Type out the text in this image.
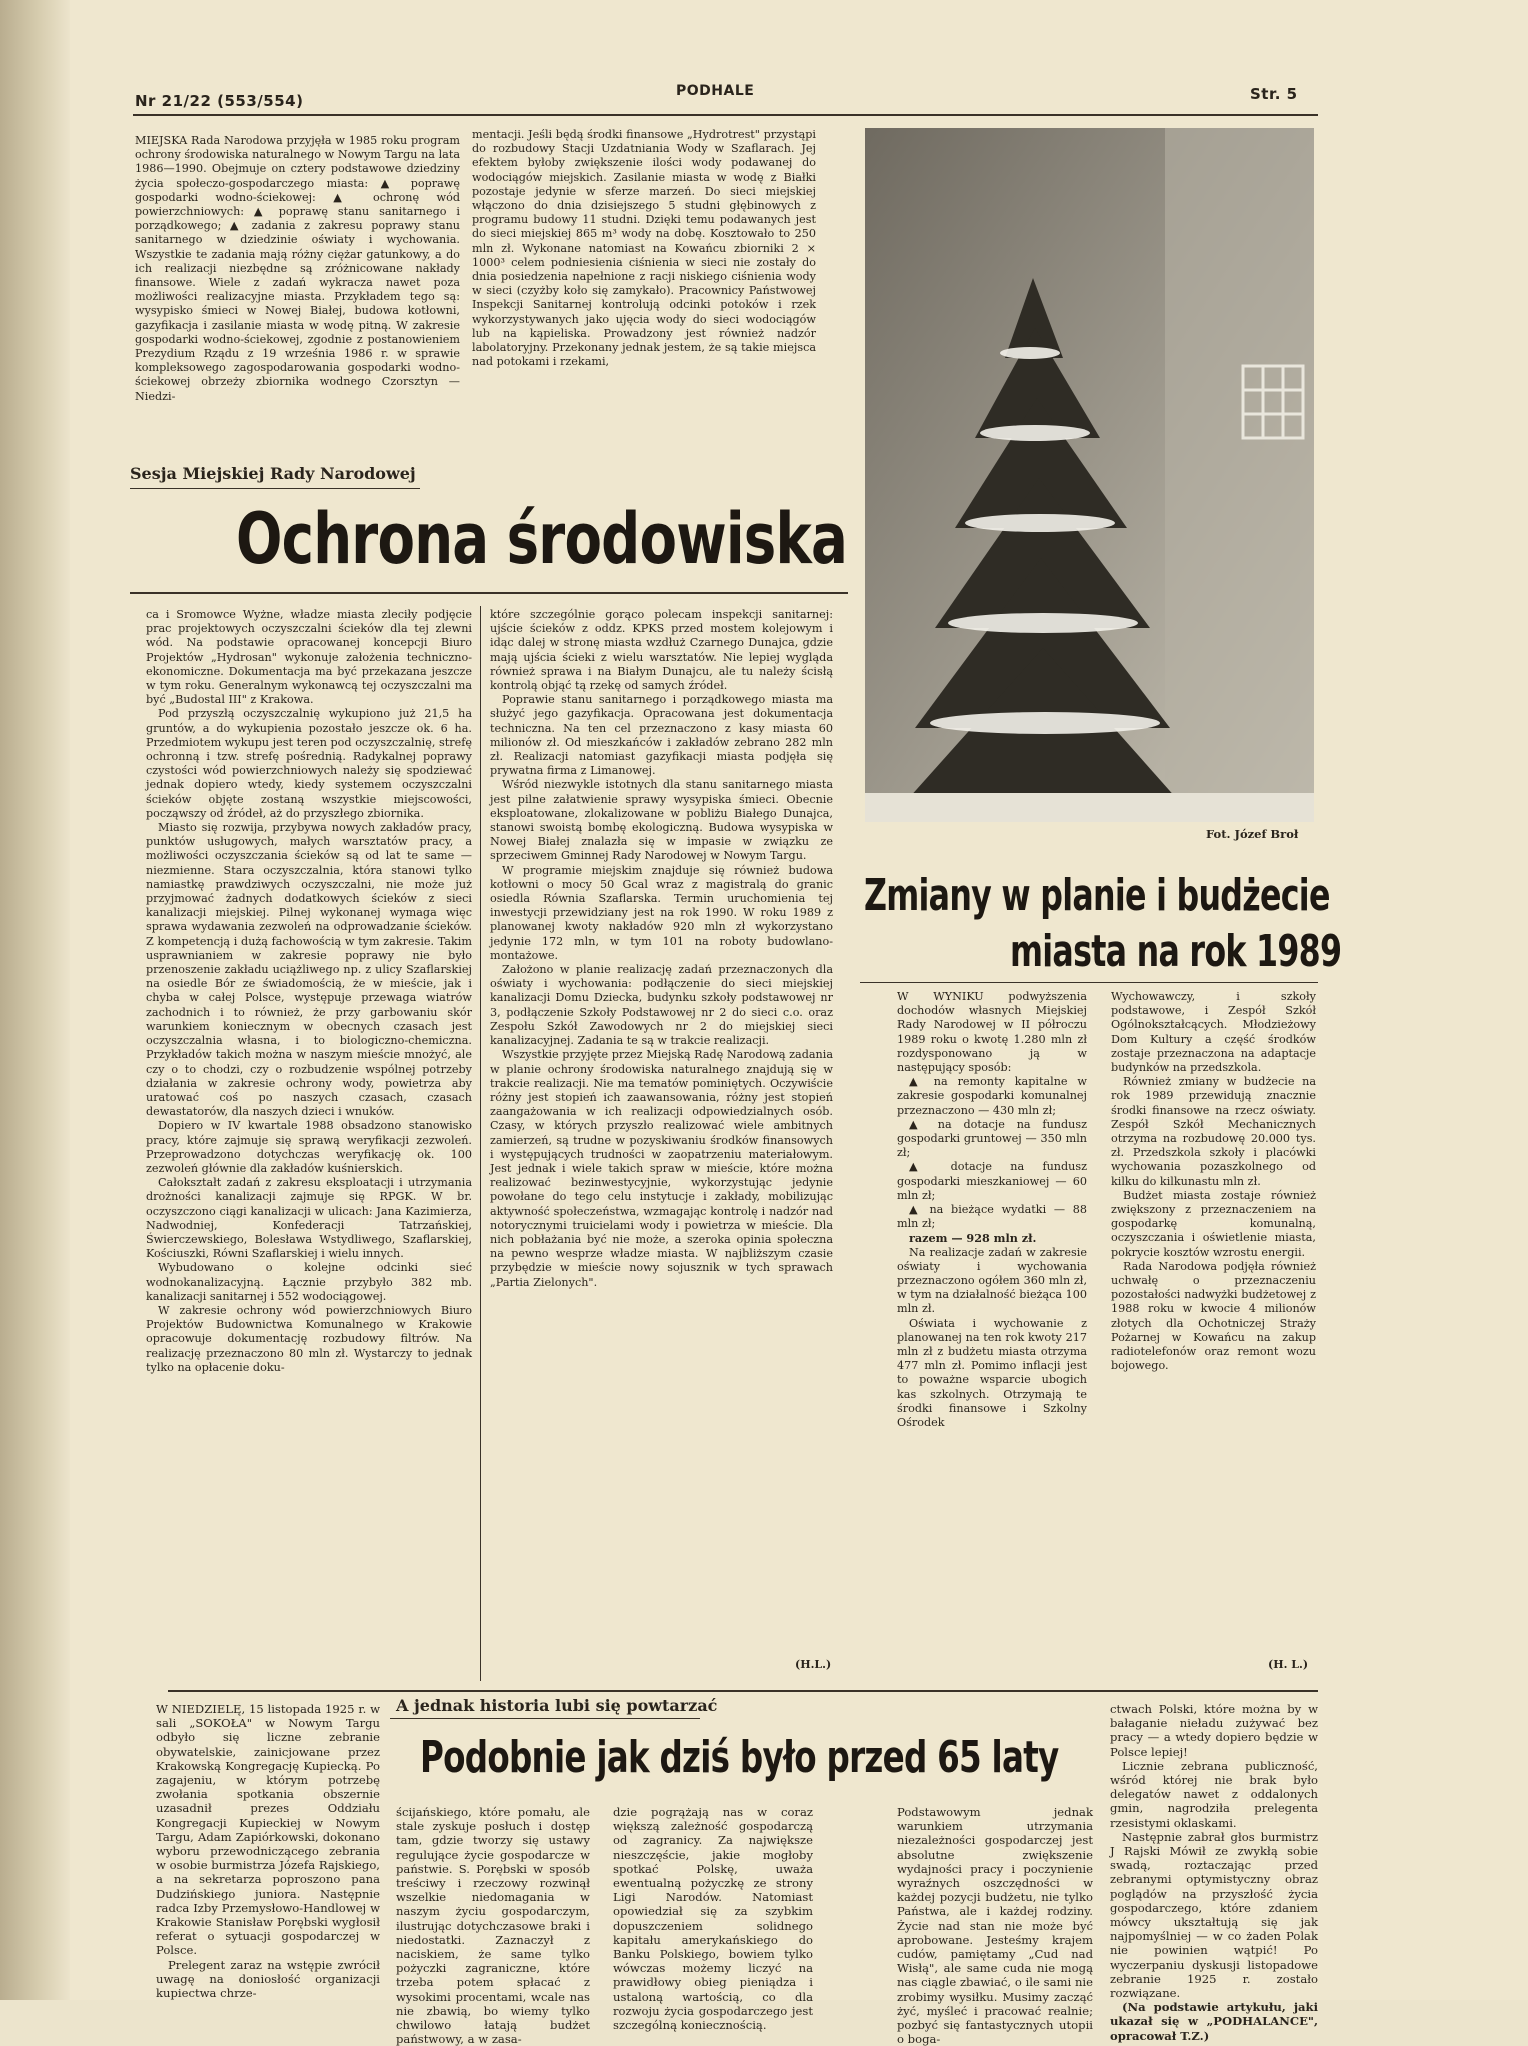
Nr 21/22 (553/554)
PODHALE	Str. 5

MIEJSKA Rada Narodowa przyjęła w 1985 roku program ochrony środowiska naturalnego w Nowym Targu na lata 1986—1990. Obejmuje on cztery podstawowe dziedziny życia społeczo-gospodarczego miasta: ▲ poprawę gospodarki wodno-ściekowej: ▲ ochronę wód powierzchniowych: ▲ poprawę stanu sanitarnego i porządkowego; ▲ zadania z zakresu poprawy stanu sanitarnego w dziedzinie oświaty i wychowania. Wszystkie te zadania mają różny ciężar gatunkowy, a do ich realizacji niezbędne są zróżnicowane nakłady finansowe. Wiele z zadań wykracza nawet poza możliwości realizacyjne miasta. Przykładem tego są: wysypisko śmieci w Nowej Białej, budowa kotłowni, gazyfikacja i zasilanie miasta w wodę pitną. W zakresie gospodarki wodno-ściekowej, zgodnie z postanowieniem Prezydium Rządu z 19 września 1986 r. w sprawie kompleksowego zagospodarowania gospodarki wodno-ściekowej obrzeży zbiornika wodnego Czorsztyn — Niedzi-

mentacji. Jeśli będą środki finansowe „Hydrotrest" przystąpi do rozbudowy Stacji Uzdatniania Wody w Szaflarach. Jej efektem byłoby zwiększenie ilości wody podawanej do wodociągów miejskich. Zasilanie miasta w wodę z Białki pozostaje jedynie w sferze marzeń. Do sieci miejskiej włączono do dnia dzisiejszego 5 studni głębinowych z programu budowy 11 studni. Dzięki temu podawanych jest do sieci miejskiej 865 m³ wody na dobę. Kosztowało to 250 mln zł. Wykonane natomiast na Kowańcu zbiorniki 2 × 1000³ celem podniesienia ciśnienia w sieci nie zostały do dnia posiedzenia napełnione z racji niskiego ciśnienia wody w sieci (czyżby koło się zamykało). Pracownicy Państwowej Inspekcji Sanitarnej kontrolują odcinki potoków i rzek wykorzystywanych jako ujęcia wody do sieci wodociągów lub na kąpieliska. Prowadzony jest również nadzór labolatoryjny. Przekonany jednak jestem, że są takie miejsca nad potokami i rzekami,

Sesja Miejskiej Rady Narodowej
Ochrona środowiska

ca i Sromowce Wyżne, władze miasta zleciły podjęcie prac projektowych oczyszczalni ścieków dla tej zlewni wód. Na podstawie opracowanej koncepcji Biuro Projektów „Hydrosan" wykonuje założenia techniczno-ekonomiczne. Dokumentacja ma być przekazana jeszcze w tym roku. Generalnym wykonawcą tej oczyszczalni ma być „Budostal III" z Krakowa.

Pod przyszłą oczyszczalnię wykupiono już 21,5 ha gruntów, a do wykupienia pozostało jeszcze ok. 6 ha. Przedmiotem wykupu jest teren pod oczyszczalnię, strefę ochronną i tzw. strefę pośrednią. Radykalnej poprawy czystości wód powierzchniowych należy się spodziewać jednak dopiero wtedy, kiedy systemem oczyszczalni ścieków objęte zostaną wszystkie miejscowości, począwszy od źródeł, aż do przyszłego zbiornika.

Miasto się rozwija, przybywa nowych zakładów pracy, punktów usługowych, małych warsztatów pracy, a możliwości oczyszczania ścieków są od lat te same — niezmienne. Stara oczyszczalnia, która stanowi tylko namiastkę prawdziwych oczyszczalni, nie może już przyjmować żadnych dodatkowych ścieków z sieci kanalizacji miejskiej. Pilnej wykonanej wymaga więc sprawa wydawania zezwoleń na odprowadzanie ścieków. Z kompetencją i dużą fachowością w tym zakresie. Takim usprawnianiem w zakresie poprawy nie było przenoszenie zakładu uciążliwego np. z ulicy Szaflarskiej na osiedle Bór ze świadomością, że w mieście, jak i chyba w całej Polsce, występuje przewaga wiatrów zachodnich i to również, że przy garbowaniu skór warunkiem koniecznym w obecnych czasach jest oczyszczalnia własna, i to biologiczno-chemiczna. Przykładów takich można w naszym mieście mnożyć, ale czy o to chodzi, czy o rozbudzenie wspólnej potrzeby działania w zakresie ochrony wody, powietrza aby uratować coś po naszych czasach, czasach dewastatorów, dla naszych dzieci i wnuków.

Dopiero w IV kwartale 1988 obsadzono stanowisko pracy, które zajmuje się sprawą weryfikacji zezwoleń. Przeprowadzono dotychczas weryfikację ok. 100 zezwoleń głównie dla zakładów kuśnierskich.

Całokształt zadań z zakresu eksploatacji i utrzymania drożności kanalizacji zajmuje się RPGK. W br. oczyszczono ciągi kanalizacji w ulicach: Jana Kazimierza, Nadwodniej, Konfederacji Tatrzańskiej, Świerczewskiego, Bolesława Wstydliwego, Szaflarskiej, Kościuszki, Równi Szaflarskiej i wielu innych.

Wybudowano o kolejne odcinki sieć wodnokanalizacyjną. Łącznie przybyło 382 mb. kanalizacji sanitarnej i 552 wodociągowej.

W zakresie ochrony wód powierzchniowych Biuro Projektów Budownictwa Komunalnego w Krakowie opracowuje dokumentację rozbudowy filtrów. Na realizację przeznaczono 80 mln zł. Wystarczy to jednak tylko na opłacenie doku-

które szczególnie gorąco polecam inspekcji sanitarnej: ujście ścieków z oddz. KPKS przed mostem kolejowym i idąc dalej w stronę miasta wzdłuż Czarnego Dunajca, gdzie mają ujścia ścieki z wielu warsztatów. Nie lepiej wygląda również sprawa i na Białym Dunajcu, ale tu należy ścisłą kontrolą objąć tą rzekę od samych źródeł.

Poprawie stanu sanitarnego i porządkowego miasta ma służyć jego gazyfikacja. Opracowana jest dokumentacja techniczna. Na ten cel przeznaczono z kasy miasta 60 milionów zł. Od mieszkańców i zakładów zebrano 282 mln zł. Realizacji natomiast gazyfikacji miasta podjęła się prywatna firma z Limanowej.

Wśród niezwykle istotnych dla stanu sanitarnego miasta jest pilne załatwienie sprawy wysypiska śmieci. Obecnie eksploatowane, zlokalizowane w pobliżu Białego Dunajca, stanowi swoistą bombę ekologiczną. Budowa wysypiska w Nowej Białej znalazła się w impasie w związku ze sprzeciwem Gminnej Rady Narodowej w Nowym Targu.

W programie miejskim znajduje się również budowa kotłowni o mocy 50 Gcal wraz z magistralą do granic osiedla Równia Szaflarska. Termin uruchomienia tej inwestycji przewidziany jest na rok 1990. W roku 1989 z planowanej kwoty nakładów 920 mln zł wykorzystano jedynie 172 mln, w tym 101 na roboty budowlano-montażowe.

Założono w planie realizację zadań przeznaczonych dla oświaty i wychowania: podłączenie do sieci miejskiej kanalizacji Domu Dziecka, budynku szkoły podstawowej nr 3, podłączenie Szkoły Podstawowej nr 2 do sieci c.o. oraz Zespołu Szkół Zawodowych nr 2 do miejskiej sieci kanalizacyjnej. Zadania te są w trakcie realizacji.

Wszystkie przyjęte przez Miejską Radę Narodową zadania w planie ochrony środowiska naturalnego znajdują się w trakcie realizacji. Nie ma tematów pominiętych. Oczywiście różny jest stopień ich zaawansowania, różny jest stopień zaangażowania w ich realizacji odpowiedzialnych osób. Czasy, w których przyszło realizować wiele ambitnych zamierzeń, są trudne w pozyskiwaniu środków finansowych i występujących trudności w zaopatrzeniu materiałowym. Jest jednak i wiele takich spraw w mieście, które można realizować bezinwestycyjnie, wykorzystując jedynie powołane do tego celu instytucje i zakłady, mobilizując aktywność społeczeństwa, wzmagając kontrolę i nadzór nad notorycznymi truicielami wody i powietrza w mieście. Dla nich pobłażania być nie może, a szeroka opinia społeczna na pewno wesprze władze miasta. W najbliższym czasie przybędzie w mieście nowy sojusznik w tych sprawach „Partia Zielonych".

(H.L.)
Fot. Józef Broł
Zmiany w planie i budżecie
miasta na rok 1989

W WYNIKU podwyższenia dochodów własnych Miejskiej Rady Narodowej w II półroczu 1989 roku o kwotę 1.280 mln zł rozdysponowano ją w następujący sposób:

▲ na remonty kapitalne w zakresie gospodarki komunalnej przeznaczono — 430 mln zł;

▲ na dotacje na fundusz gospodarki gruntowej — 350 mln zł;

▲ dotacje na fundusz gospodarki mieszkaniowej — 60 mln zł;

▲ na bieżące wydatki — 88 mln zł;

razem — 928 mln zł.

Na realizacje zadań w zakresie oświaty i wychowania przeznaczono ogółem 360 mln zł, w tym na działalność bieżąca 100 mln zł.

Oświata i wychowanie z planowanej na ten rok kwoty 217 mln zł z budżetu miasta otrzyma 477 mln zł. Pomimo inflacji jest to poważne wsparcie ubogich kas szkolnych. Otrzymają te środki finansowe i Szkolny Ośrodek

Wychowawczy, i szkoły podstawowe, i Zespół Szkół Ogólnokształcących. Młodzieżowy Dom Kultury a część środków zostaje przeznaczona na adaptacje budynków na przedszkola.

Również zmiany w budżecie na rok 1989 przewidują znacznie środki finansowe na rzecz oświaty. Zespół Szkół Mechanicznych otrzyma na rozbudowę 20.000 tys. zł. Przedszkola szkoły i placówki wychowania pozaszkolnego od kilku do kilkunastu mln zł.

Budżet miasta zostaje również zwiększony z przeznaczeniem na gospodarkę komunalną, oczyszczania i oświetlenie miasta, pokrycie kosztów wzrostu energii.

Rada Narodowa podjęła również uchwałę o przeznaczeniu pozostałości nadwyżki budżetowej z 1988 roku w kwocie 4 milionów złotych dla Ochotniczej Straży Pożarnej w Kowańcu na zakup radiotelefonów oraz remont wozu bojowego.

(H. L.)

W NIEDZIELĘ, 15 listopada 1925 r. w sali „SOKOŁA" w Nowym Targu odbyło się liczne zebranie obywatelskie, zainicjowane przez Krakowską Kongregację Kupiecką. Po zagajeniu, w którym potrzebę zwołania spotkania obszernie uzasadnił prezes Oddziału Kongregacji Kupieckiej w Nowym Targu, Adam Zapiórkowski, dokonano wyboru przewodniczącego zebrania w osobie burmistrza Józefa Rajskiego, a na sekretarza poproszono pana Dudzińskiego juniora. Następnie radca Izby Przemysłowo-Handlowej w Krakowie Stanisław Porębski wygłosił referat o sytuacji gospodarczej w Polsce.

Prelegent zaraz na wstępie zwrócił uwagę na doniosłość organizacji kupiectwa chrze-

A jednak historia lubi się powtarzać
Podobnie jak dziś było przed 65 laty

ścijańskiego, które pomału, ale stale zyskuje posłuch i dostęp tam, gdzie tworzy się ustawy regulujące życie gospodarcze w państwie. S. Porębski w sposób treściwy i rzeczowy rozwinął wszelkie niedomagania w naszym życiu gospodarczym, ilustrując dotychczasowe braki i niedostatki. Zaznaczył z naciskiem, że same tylko pożyczki zagraniczne, które trzeba potem spłacać z wysokimi procentami, wcale nas nie zbawią, bo wiemy tylko chwilowo łatają budżet państwowy, a w zasa-

dzie pogrążają nas w coraz większą zależność gospodarczą od zagranicy. Za największe nieszczęście, jakie mogłoby spotkać Polskę, uważa ewentualną pożyczkę ze strony Ligi Narodów. Natomiast opowiedział się za szybkim dopuszczeniem solidnego kapitału amerykańskiego do Banku Polskiego, bowiem tylko wówczas możemy liczyć na prawidłowy obieg pieniądza i ustaloną wartością, co dla rozwoju życia gospodarczego jest szczególną koniecznością.

Podstawowym jednak warunkiem utrzymania niezależności gospodarczej jest absolutne zwiększenie wydajności pracy i poczynienie wyraźnych oszczędności w każdej pozycji budżetu, nie tylko Państwa, ale i każdej rodziny. Życie nad stan nie może być aprobowane. Jesteśmy krajem cudów, pamiętamy „Cud nad Wisłą", ale same cuda nie mogą nas ciągle zbawiać, o ile sami nie zrobimy wysiłku. Musimy zacząć żyć, myśleć i pracować realnie; pozbyć się fantastycznych utopii o boga-

ctwach Polski, które można by w bałaganie nieładu zużywać bez pracy — a wtedy dopiero będzie w Polsce lepiej!

Licznie zebrana publiczność, wśród której nie brak było delegatów nawet z oddalonych gmin, nagrodziła prelegenta rzesistymi oklaskami.

Następnie zabrał głos burmistrz J Rajski Mówił ze zwykłą sobie swadą, roztaczając przed zebranymi optymistyczny obraz poglądów na przyszłość życia gospodarczego, które zdaniem mówcy ukształtują się jak najpomyślniej — w co żaden Polak nie powinien wątpić! Po wyczerpaniu dyskusji listopadowe zebranie 1925 r. zostało rozwiązane.

(Na podstawie artykułu, jaki ukazał się w „PODHALANCE", opracował T.Z.)
